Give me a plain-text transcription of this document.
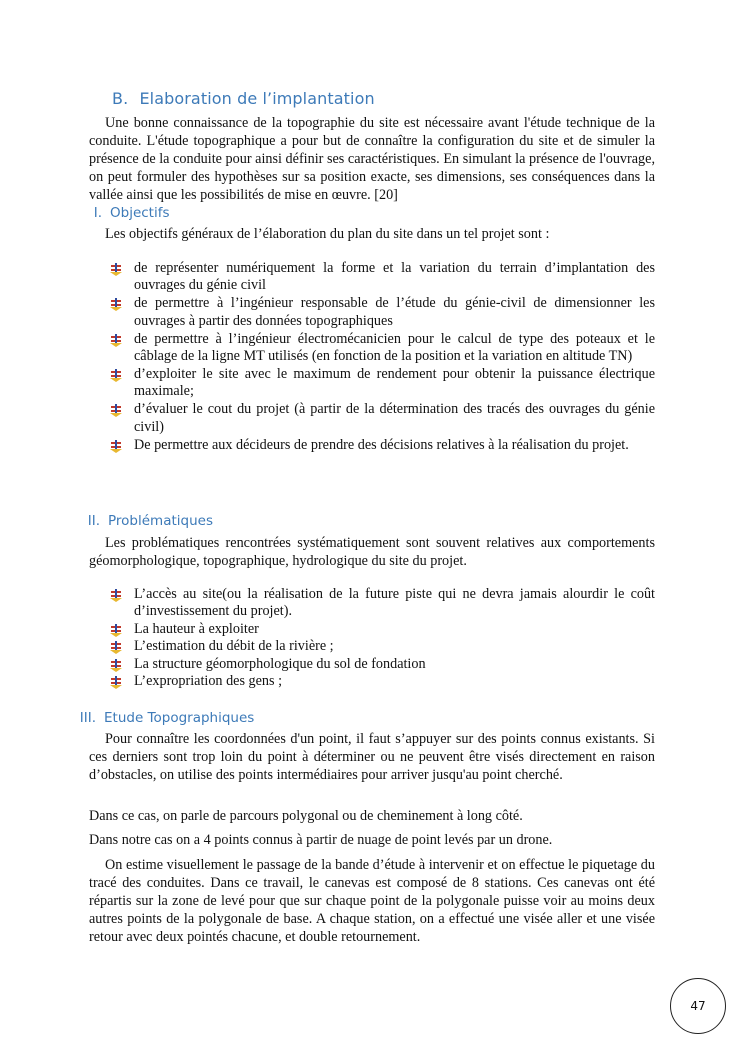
B. Elaboration de l’implantation
Une bonne connaissance de la topographie du site est nécessaire avant l'étude technique de la conduite. L'étude topographique a pour but de connaître la configuration du site et de simuler la présence de la conduite pour ainsi définir ses caractéristiques. En simulant la présence de l'ouvrage, on peut formuler des hypothèses sur sa position exacte, ses dimensions, ses conséquences dans la vallée ainsi que les possibilités de mise en œuvre. [20]
I. Objectifs
Les objectifs généraux de l’élaboration du plan du site dans un tel projet sont :
de représenter numériquement la forme et la variation du terrain d’implantation des ouvrages du génie civil
de permettre à l’ingénieur responsable de l’étude du génie-civil de dimensionner les ouvrages à partir des données topographiques
de permettre à l’ingénieur électromécanicien pour le calcul de type des poteaux et le câblage de la ligne MT utilisés (en fonction de la position et la variation en altitude TN)
d’exploiter le site avec le maximum de rendement pour obtenir la puissance électrique maximale;
d’évaluer le cout du projet (à partir de la détermination des tracés des ouvrages du génie civil)
De permettre aux décideurs de prendre des décisions relatives à la réalisation du projet.
II. Problématiques
Les problématiques rencontrées systématiquement sont souvent relatives aux comportements géomorphologique, topographique, hydrologique du site du projet.
L’accès au site(ou la réalisation de la future piste qui ne devra jamais alourdir le coût d’investissement du projet).
La hauteur à exploiter
L’estimation du débit de la rivière ;
La structure géomorphologique du sol de fondation
L’expropriation des gens ;
III. Etude Topographiques
Pour connaître les coordonnées d'un point, il faut s’appuyer sur des points connus existants. Si ces derniers sont trop loin du point à déterminer ou ne peuvent être visés directement en raison d’obstacles, on utilise des points intermédiaires pour arriver jusqu'au point cherché.
Dans ce cas, on parle de parcours polygonal ou de cheminement à long côté.
Dans notre cas on a 4 points connus à partir de nuage de point levés par un drone.
On estime visuellement le passage de la bande d’étude à intervenir et on effectue le piquetage du tracé des conduites. Dans ce travail, le canevas est composé de 8 stations. Ces canevas ont été répartis sur la zone de levé pour que sur chaque point de la polygonale puisse voir au moins deux autres points de la polygonale de base. A chaque station, on a effectué une visée aller et une visée retour avec deux pointés chacune, et double retournement.
47
